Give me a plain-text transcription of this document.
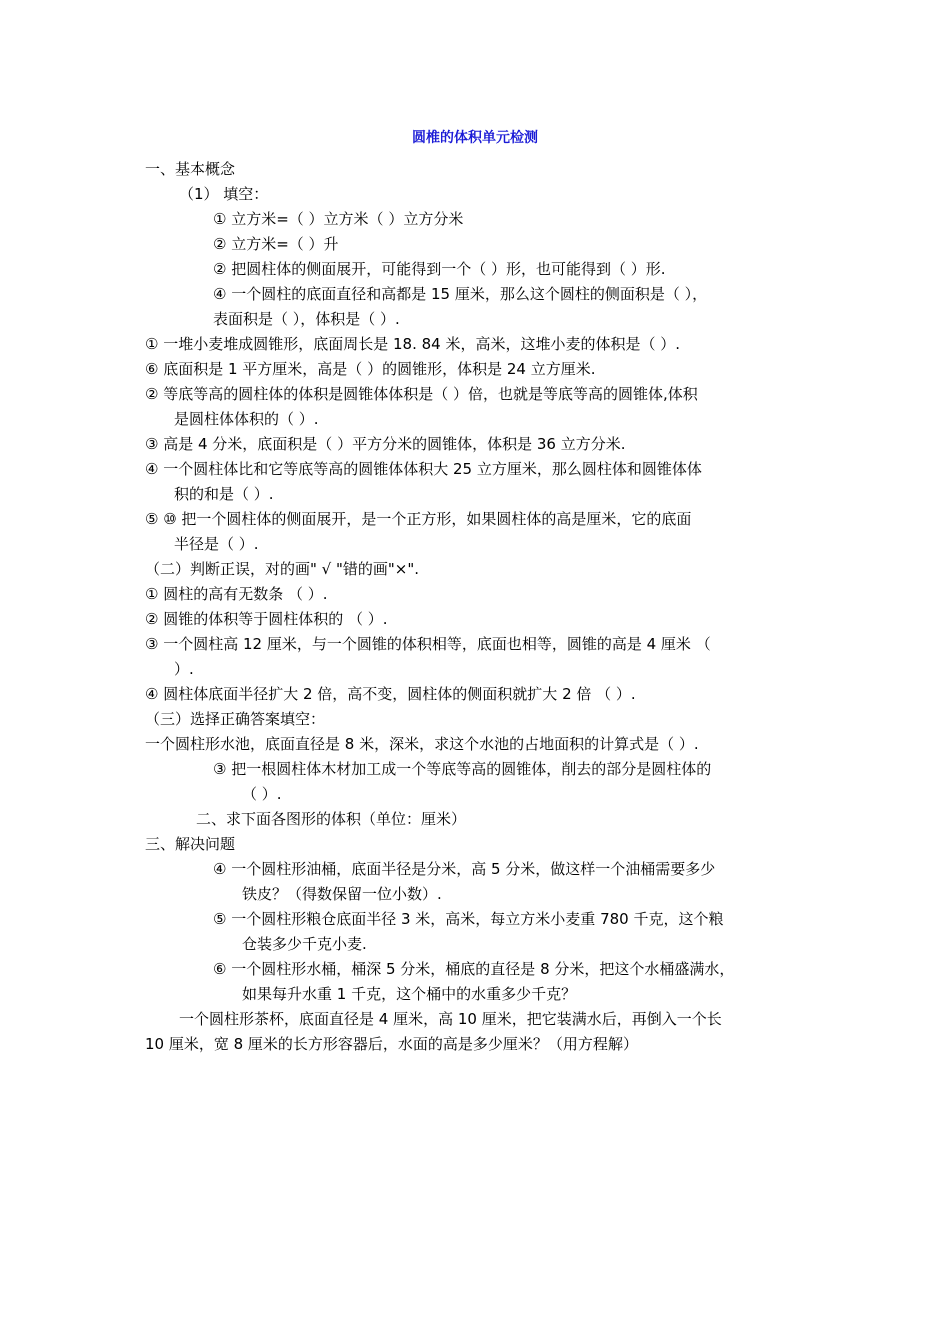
圆椎的体积单元检测
一、基本概念
（1） 填空：
① 立方米=（ ）立方米（ ）立方分米
② 立方米=（ ）升
② 把圆柱体的侧面展开，可能得到一个（ ）形，也可能得到（ ）形.
④ 一个圆柱的底面直径和高都是 15 厘米，那么这个圆柱的侧面积是（ ），
表面积是（ ），体积是（ ）.
① 一堆小麦堆成圆锥形，底面周长是 18. 84 米，高米，这堆小麦的体积是（ ）.
⑥ 底面积是 1 平方厘米，高是（ ）的圆锥形，体积是 24 立方厘米.
② 等底等高的圆柱体的体积是圆锥体体积是（ ）倍，也就是等底等高的圆锥体,体积
是圆柱体体积的（ ）.
③ 高是 4 分米，底面积是（ ）平方分米的圆锥体，体积是 36 立方分米.
④ 一个圆柱体比和它等底等高的圆锥体体积大 25 立方厘米，那么圆柱体和圆锥体体
积的和是（ ）.
⑤ ⑩ 把一个圆柱体的侧面展开，是一个正方形，如果圆柱体的高是厘米，它的底面
半径是（ ）.
（二）判断正误，对的画" √ "错的画"×".
① 圆柱的高有无数条 （ ）.
② 圆锥的体积等于圆柱体积的 （ ）.
③ 一个圆柱高 12 厘米，与一个圆锥的体积相等，底面也相等，圆锥的高是 4 厘米 （
）.
④ 圆柱体底面半径扩大 2 倍，高不变，圆柱体的侧面积就扩大 2 倍 （ ）.
（三）选择正确答案填空：
一个圆柱形水池，底面直径是 8 米，深米，求这个水池的占地面积的计算式是（ ）.
③ 把一根圆柱体木材加工成一个等底等高的圆锥体，削去的部分是圆柱体的
（ ）.
二、求下面各图形的体积（单位：厘米）
三、解决问题
④ 一个圆柱形油桶，底面半径是分米，高 5 分米，做这样一个油桶需要多少
铁皮？（得数保留一位小数）.
⑤ 一个圆柱形粮仓底面半径 3 米，高米，每立方米小麦重 780 千克，这个粮
仓装多少千克小麦.
⑥ 一个圆柱形水桶，桶深 5 分米，桶底的直径是 8 分米，把这个水桶盛满水，
如果每升水重 1 千克，这个桶中的水重多少千克？
一个圆柱形茶杯，底面直径是 4 厘米，高 10 厘米，把它装满水后，再倒入一个长
10 厘米，宽 8 厘米的长方形容器后，水面的高是多少厘米？（用方程解）
